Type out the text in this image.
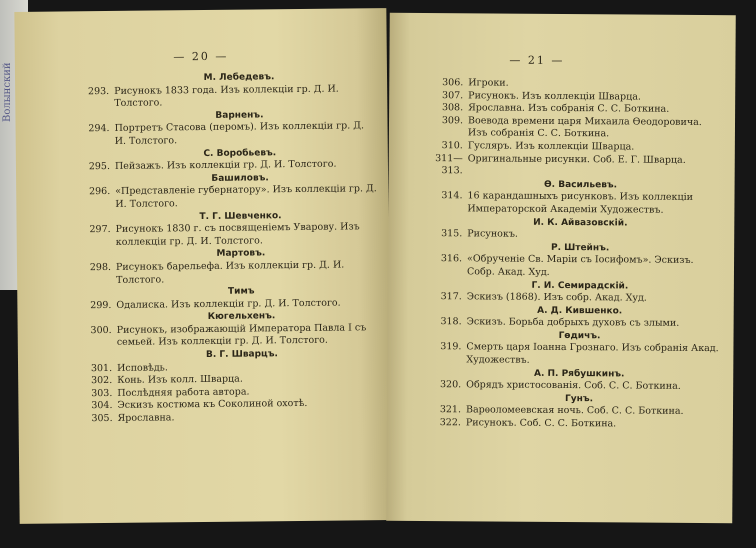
Волынский
— 20 —
М. Лебедевъ.
293. Рисунокъ 1833 года. Изъ коллекціи гр. Д. И. Толстого.
Варненъ.
294. Портретъ Стасова (перомъ). Изъ коллекціи гр. Д. И. Толстого.
С. Воробьевъ.
295. Пейзажъ. Изъ коллекціи гр. Д. И. Толстого.
Башиловъ.
296. «Представленіе губернатору». Изъ коллекціи гр. Д. И. Толстого.
Т. Г. Шевченко.
297. Рисунокъ 1830 г. съ посвященіемъ Уварову. Изъ коллекціи гр. Д. И. Толстого.
Мартовъ.
298. Рисунокъ барельефа. Изъ коллекціи гр. Д. И. Толстого.
Тимъ
299. Одалиска. Изъ коллекціи гр. Д. И. Толстого.
Кюгельхенъ.
300. Рисунокъ, изображающій Императора Павла I съ семьей. Изъ коллекціи гр. Д. И. Толстого.
В. Г. Шварцъ.
301. Исповѣдь.
302. Конь. Изъ колл. Шварца.
303. Послѣдняя работа автора.
304. Эскизъ костюма къ Соколиной охотѣ.
305. Ярославна.
— 21 —
306. Игроки.
307. Рисунокъ. Изъ коллекціи Шварца.
308. Ярославна. Изъ собранія С. С. Боткина.
309. Воевода времени царя Михаила Ѳеодоровича. Изъ собранія С. С. Боткина.
310. Гусляръ. Изъ коллекціи Шварца.
311—313.
Оригинальные рисунки. Соб. Е. Г. Шварца.
Ѳ. Васильевъ.
314. 16 карандашныхъ рисунковъ. Изъ коллекціи Императорской Академіи Художествъ.
И. К. Айвазовскій.
315. Рисунокъ.
Р. Штейнъ.
316. «Обрученіе Св. Маріи съ Іосифомъ». Эскизъ. Собр. Акад. Худ.
Г. И. Семирадскій.
317. Эскизъ (1868). Изъ собр. Акад. Худ.
А. Д. Кившенко.
318. Эскизъ. Борьба добрыхъ духовъ съ злыми.
Гѳдичъ.
319. Смерть царя Іоанна Грознаго. Изъ собранія Акад. Художествъ.
А. П. Рябушкинъ.
320. Обрядъ христосованія. Соб. С. С. Боткина.
Гунъ.
321. Варѳоломеевская ночь. Соб. С. С. Боткина.
322. Рисунокъ. Соб. С. С. Боткина.
